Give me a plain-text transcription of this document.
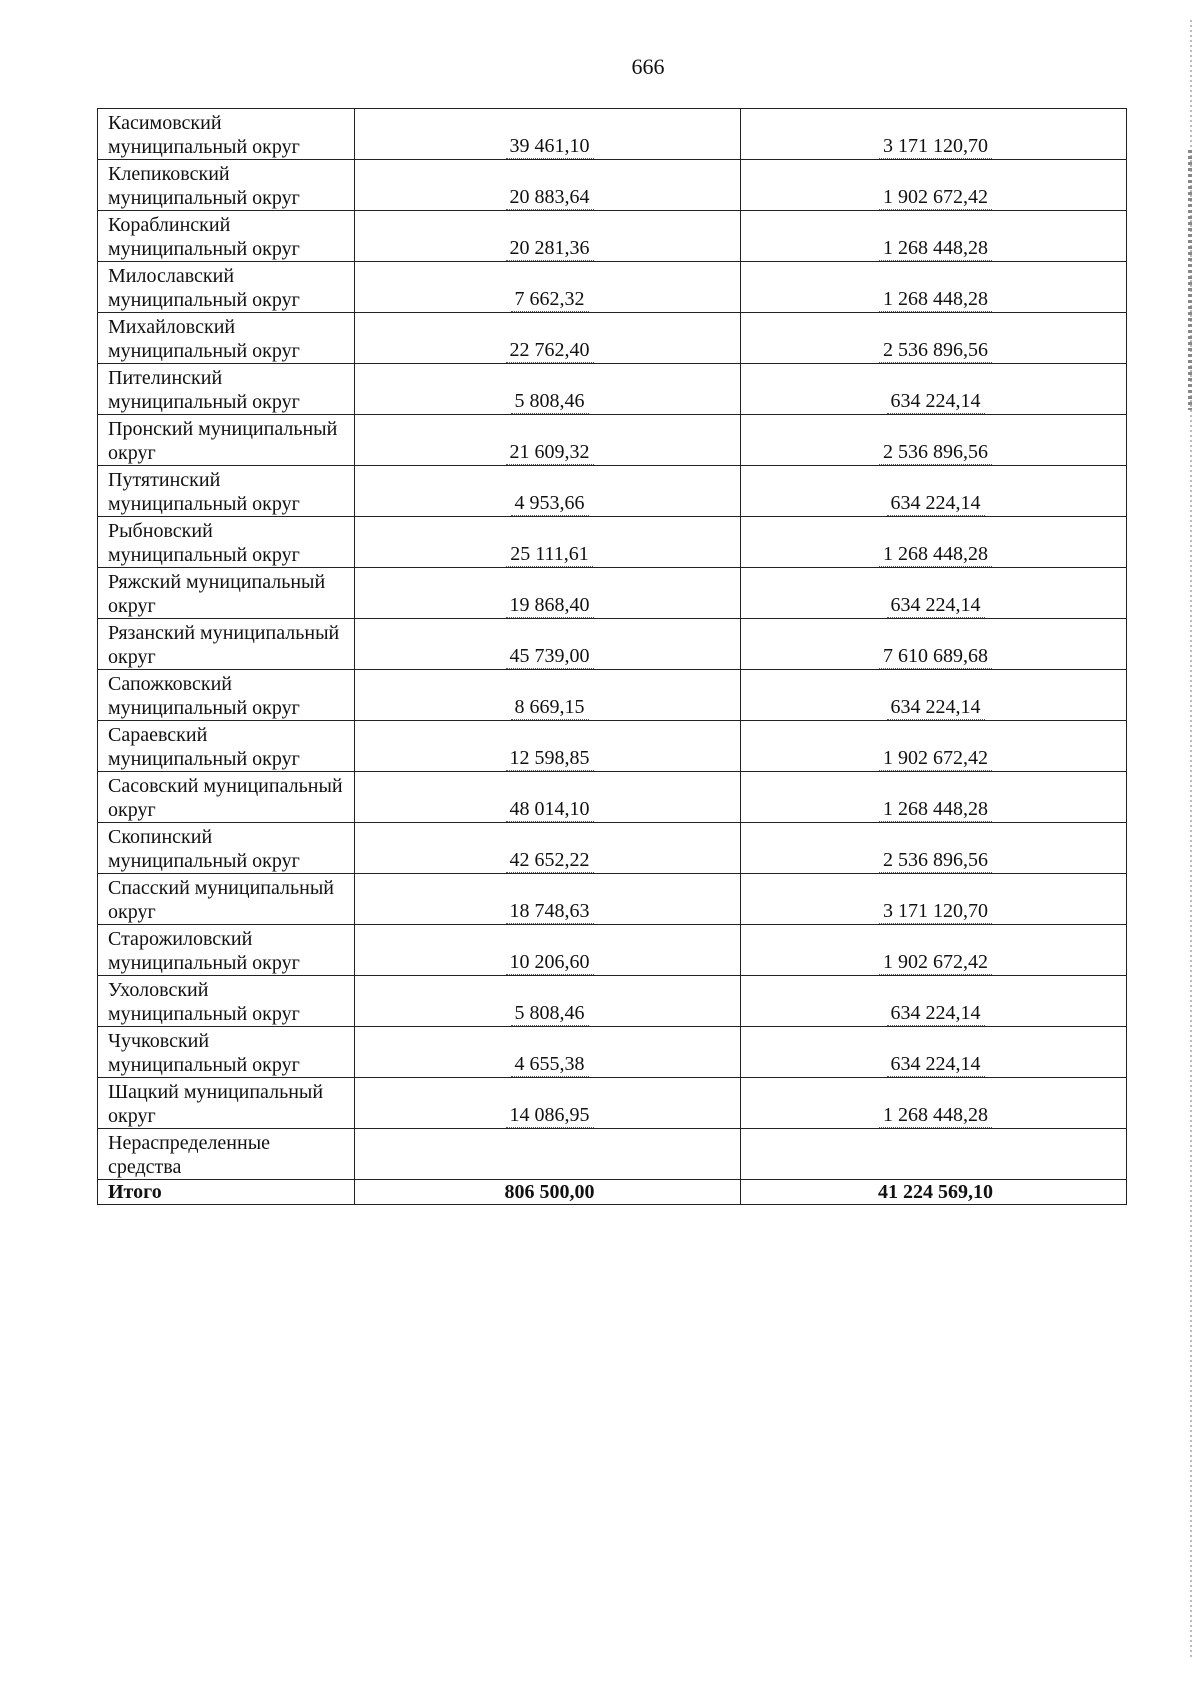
666
Касимовский муниципальный округ	39 461,10	3 171 120,70
Клепиковский муниципальный округ	20 883,64	1 902 672,42
Кораблинский муниципальный округ	20 281,36	1 268 448,28
Милославский муниципальный округ	7 662,32	1 268 448,28
Михайловский муниципальный округ	22 762,40	2 536 896,56
Пителинский муниципальный округ	5 808,46	634 224,14
Пронский муниципальный округ	21 609,32	2 536 896,56
Путятинский муниципальный округ	4 953,66	634 224,14
Рыбновский муниципальный округ	25 111,61	1 268 448,28
Ряжский муниципальный округ	19 868,40	634 224,14
Рязанский муниципальный округ	45 739,00	7 610 689,68
Сапожковский муниципальный округ	8 669,15	634 224,14
Сараевский муниципальный округ	12 598,85	1 902 672,42
Сасовский муниципальный округ	48 014,10	1 268 448,28
Скопинский муниципальный округ	42 652,22	2 536 896,56
Спасский муниципальный округ	18 748,63	3 171 120,70
Старожиловский муниципальный округ	10 206,60	1 902 672,42
Ухоловский муниципальный округ	5 808,46	634 224,14
Чучковский муниципальный округ	4 655,38	634 224,14
Шацкий муниципальный округ	14 086,95	1 268 448,28
Нераспределенные средства		
Итого	806 500,00	41 224 569,10
